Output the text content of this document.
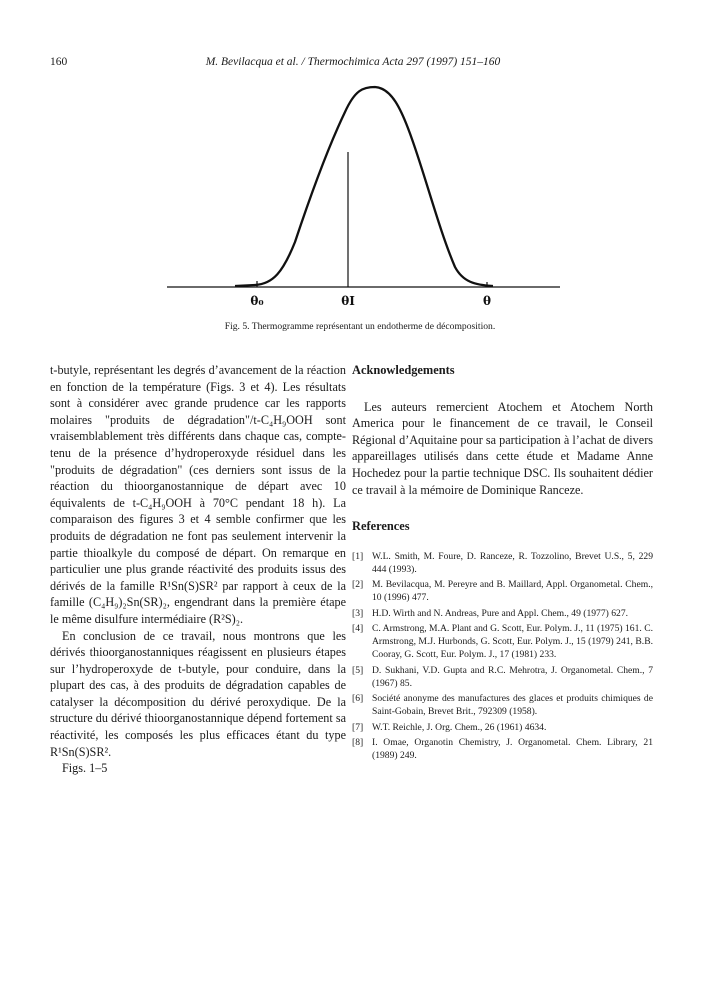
160	M. Bevilacqua et al. / Thermochimica Acta 297 (1997) 151–160
θ₀	θI	θ
Fig. 5. Thermogramme représentant un endotherme de décomposition.

t-butyle, représentant les degrés d’avancement de la réaction en fonction de la température (Figs. 3 et 4). Les résultats sont à considérer avec grande prudence car les rapports molaires "produits de dégradation"/t-C₄H₉OOH sont vraisemblablement très différents dans chaque cas, compte-tenu de la présence d’hydroperoxyde résiduel dans les "produits de dégradation" (ces derniers sont issus de la réaction du thioorganostannique de départ avec 10 équivalents de t-C₄H₉OOH à 70°C pendant 18 h). La comparaison des figures 3 et 4 semble confirmer que les produits de dégradation ne font pas seulement intervenir la partie thioalkyle du composé de départ. On remarque en particulier une plus grande réactivité des produits issus des dérivés de la famille R¹Sn(S)SR² par rapport à ceux de la famille (C₄H₉)₂Sn(SR)₂, engendrant dans la première étape le même disulfure intermédiaire (R²S)₂.

En conclusion de ce travail, nous montrons que les dérivés thioorganostanniques réagissent en plusieurs étapes sur l’hydroperoxyde de t-butyle, pour conduire, dans la plupart des cas, à des produits de dégradation capables de catalyser la décomposition du dérivé peroxydique. De la structure du dérivé thioorganostannique dépend fortement sa réactivité, les composés les plus efficaces étant du type R¹Sn(S)SR².

Figs. 1–5

Acknowledgements

Les auteurs remercient Atochem et Atochem North America pour le financement de ce travail, le Conseil Régional d’Aquitaine pour sa participation à l’achat de divers appareillages utilisés dans cette étude et Madame Anne Hochedez pour la partie technique DSC. Ils souhaitent dédier ce travail à la mémoire de Dominique Ranceze.

References
[1] W.L. Smith, M. Foure, D. Ranceze, R. Tozzolino, Brevet U.S., 5, 229 444 (1993).
[2] M. Bevilacqua, M. Pereyre and B. Maillard, Appl. Organometal. Chem., 10 (1996) 477.
[3] H.D. Wirth and N. Andreas, Pure and Appl. Chem., 49 (1977) 627.
[4] C. Armstrong, M.A. Plant and G. Scott, Eur. Polym. J., 11 (1975) 161. C. Armstrong, M.J. Hurbonds, G. Scott, Eur. Polym. J., 15 (1979) 241, B.B. Cooray, G. Scott, Eur. Polym. J., 17 (1981) 233.
[5] D. Sukhani, V.D. Gupta and R.C. Mehrotra, J. Organometal. Chem., 7 (1967) 85.
[6] Société anonyme des manufactures des glaces et produits chimiques de Saint-Gobain, Brevet Brit., 792309 (1958).
[7] W.T. Reichle, J. Org. Chem., 26 (1961) 4634.
[8] I. Omae, Organotin Chemistry, J. Organometal. Chem. Library, 21 (1989) 249.
